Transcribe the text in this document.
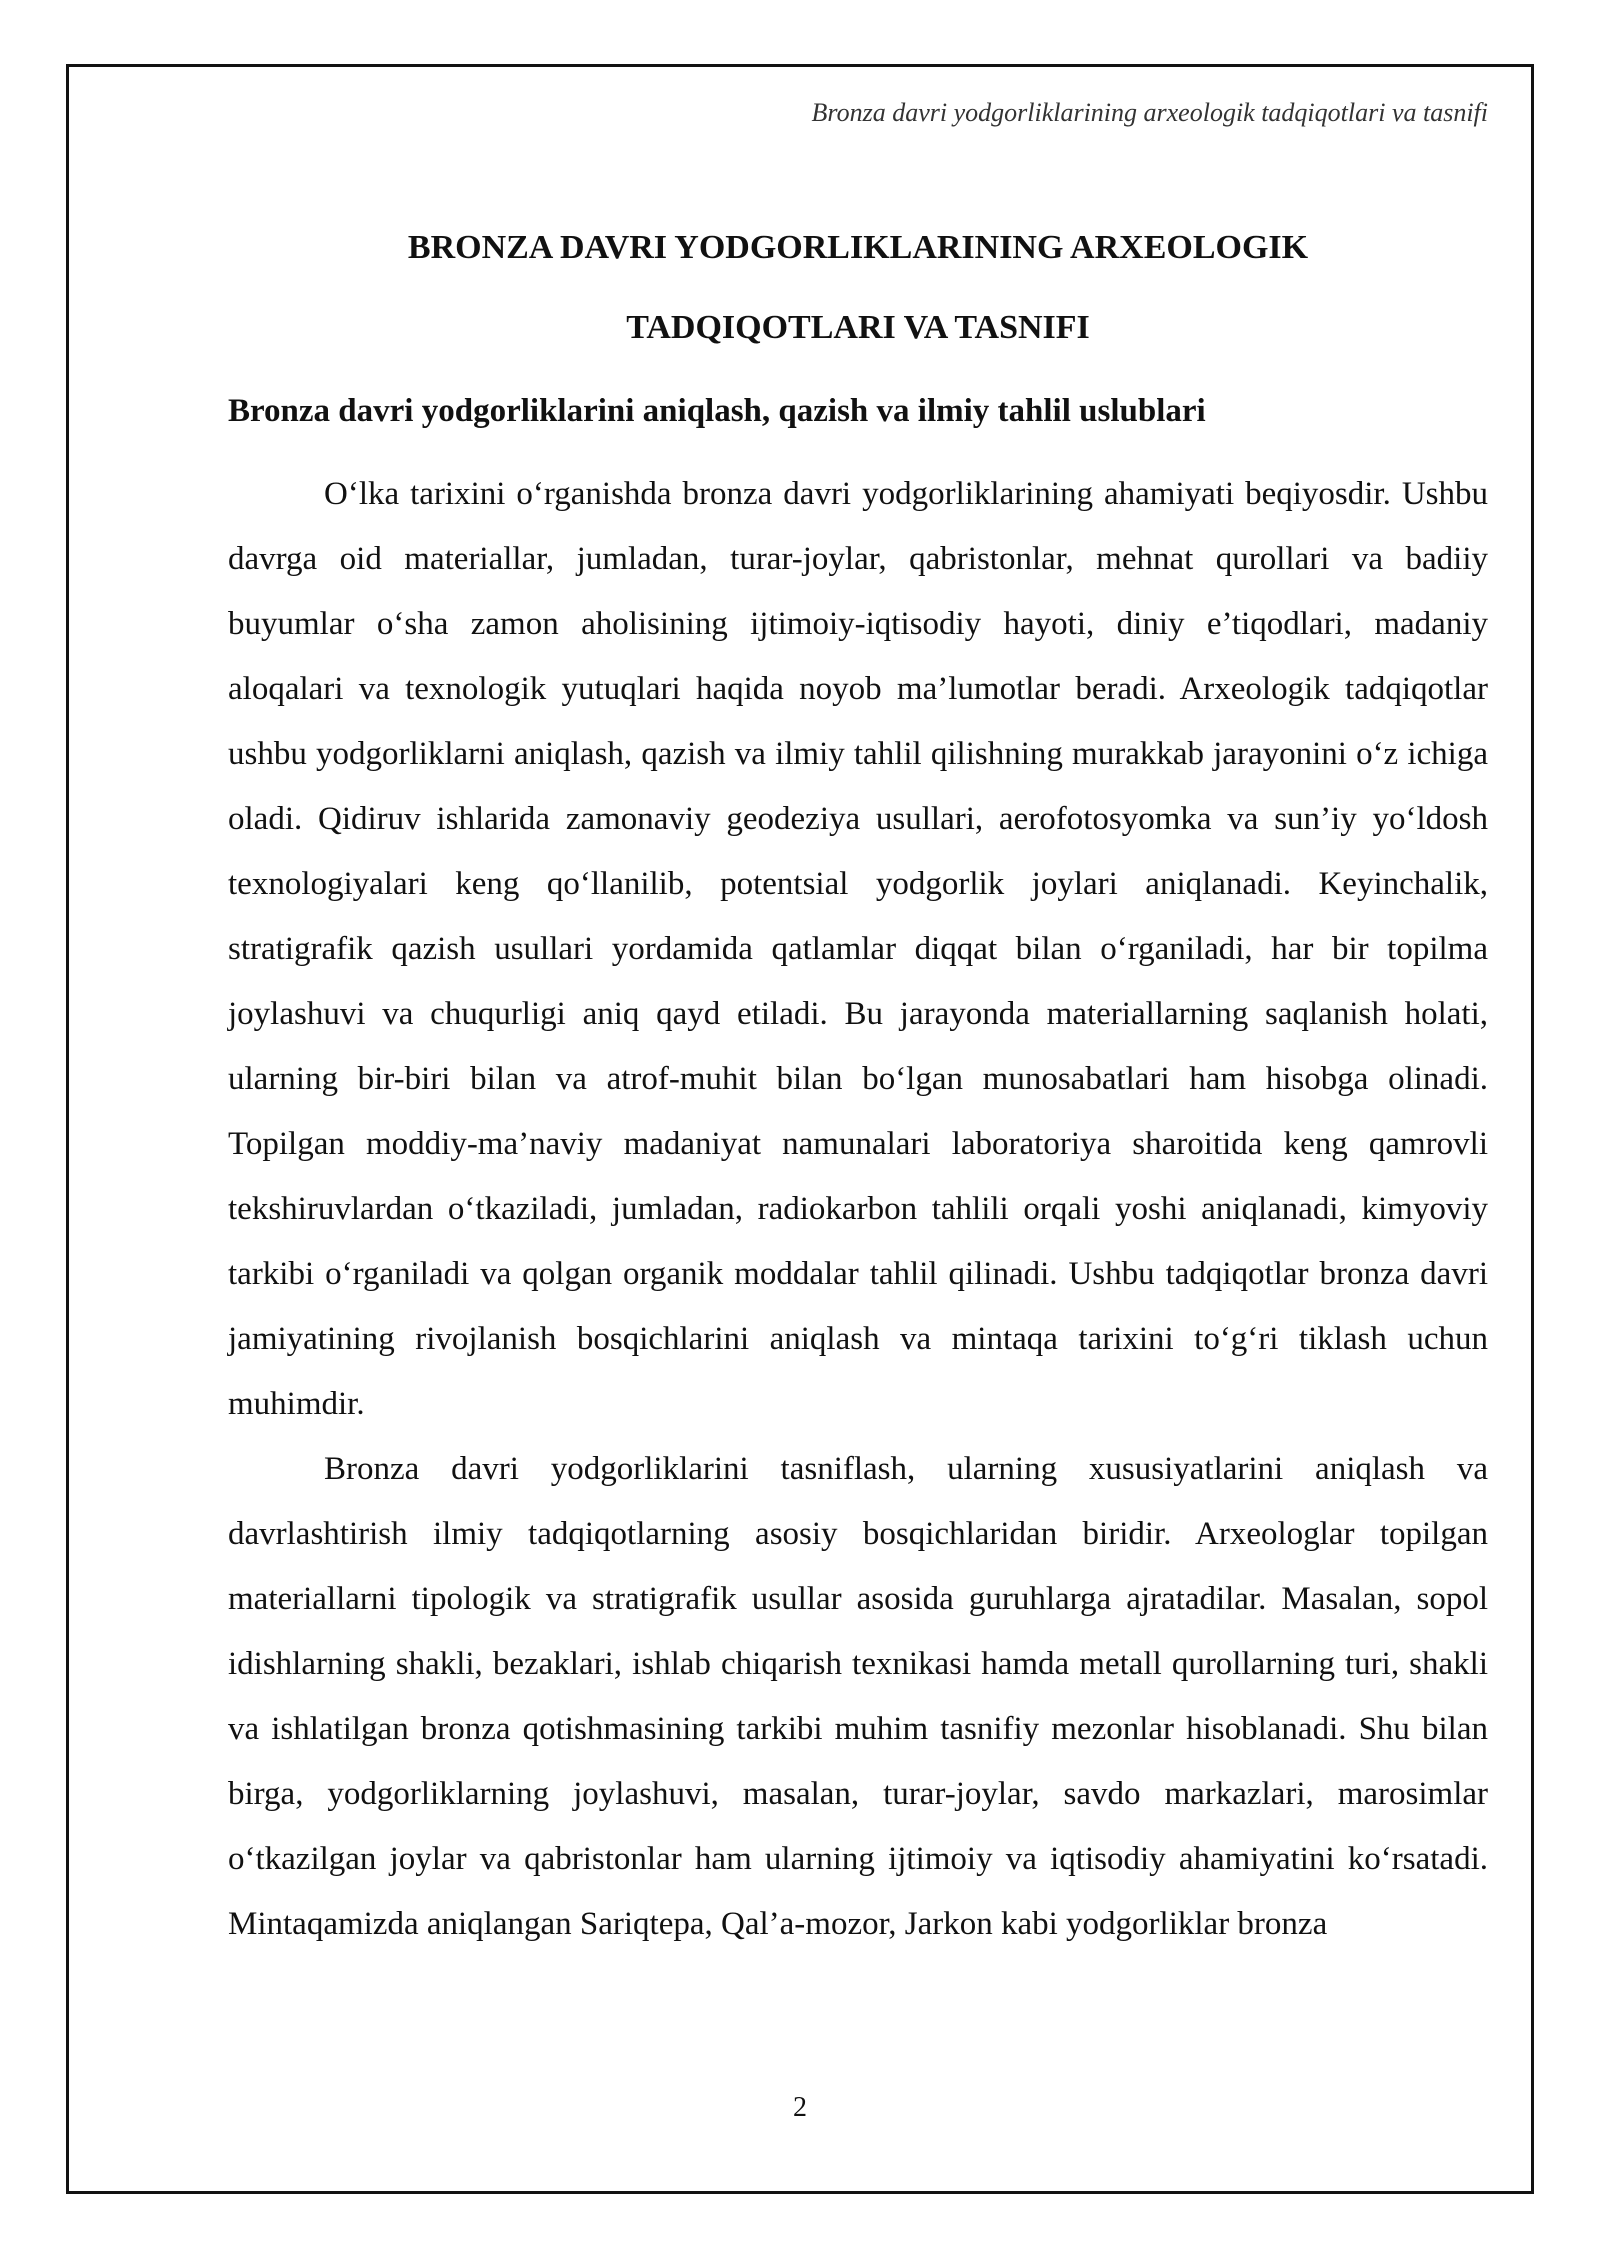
Bronza davri yodgorliklarining arxeologik tadqiqotlari va tasnifi
BRONZA DAVRI YODGORLIKLARINING ARXEOLOGIK
TADQIQOTLARI VA TASNIFI
Bronza davri yodgorliklarini aniqlash, qazish va ilmiy tahlil uslublari

Oʻlka tarixini oʻrganishda bronza davri yodgorliklarining ahamiyati beqiyosdir. Ushbu davrga oid materiallar, jumladan, turar-joylar, qabristonlar, mehnat qurollari va badiiy buyumlar oʻsha zamon aholisining ijtimoiy-iqtisodiy hayoti, diniy e’tiqodlari, madaniy aloqalari va texnologik yutuqlari haqida noyob ma’lumotlar beradi. Arxeologik tadqiqotlar ushbu yodgorliklarni aniqlash, qazish va ilmiy tahlil qilishning murakkab jarayonini oʻz ichiga oladi. Qidiruv ishlarida zamonaviy geodeziya usullari, aerofotosyomka va sun’iy yoʻldosh texnologiyalari keng qoʻllanilib, potentsial yodgorlik joylari aniqlanadi. Keyinchalik, stratigrafik qazish usullari yordamida qatlamlar diqqat bilan oʻrganiladi, har bir topilma joylashuvi va chuqurligi aniq qayd etiladi. Bu jarayonda materiallarning saqlanish holati, ularning bir-biri bilan va atrof-muhit bilan boʻlgan munosabatlari ham hisobga olinadi. Topilgan moddiy-ma’naviy madaniyat namunalari laboratoriya sharoitida keng qamrovli tekshiruvlardan oʻtkaziladi, jumladan, radiokarbon tahlili orqali yoshi aniqlanadi, kimyoviy tarkibi oʻrganiladi va qolgan organik moddalar tahlil qilinadi. Ushbu tadqiqotlar bronza davri jamiyatining rivojlanish bosqichlarini aniqlash va mintaqa tarixini toʻgʻri tiklash uchun muhimdir.

Bronza davri yodgorliklarini tasniflash, ularning xususiyatlarini aniqlash va davrlashtirish ilmiy tadqiqotlarning asosiy bosqichlaridan biridir. Arxeologlar topilgan materiallarni tipologik va stratigrafik usullar asosida guruhlarga ajratadilar. Masalan, sopol idishlarning shakli, bezaklari, ishlab chiqarish texnikasi hamda metall qurollarning turi, shakli va ishlatilgan bronza qotishmasining tarkibi muhim tasnifiy mezonlar hisoblanadi. Shu bilan birga, yodgorliklarning joylashuvi, masalan, turar-joylar, savdo markazlari, marosimlar oʻtkazilgan joylar va qabristonlar ham ularning ijtimoiy va iqtisodiy ahamiyatini koʻrsatadi. Mintaqamizda aniqlangan Sariqtepa, Qal’a-mozor, Jarkon kabi yodgorliklar bronza

2
